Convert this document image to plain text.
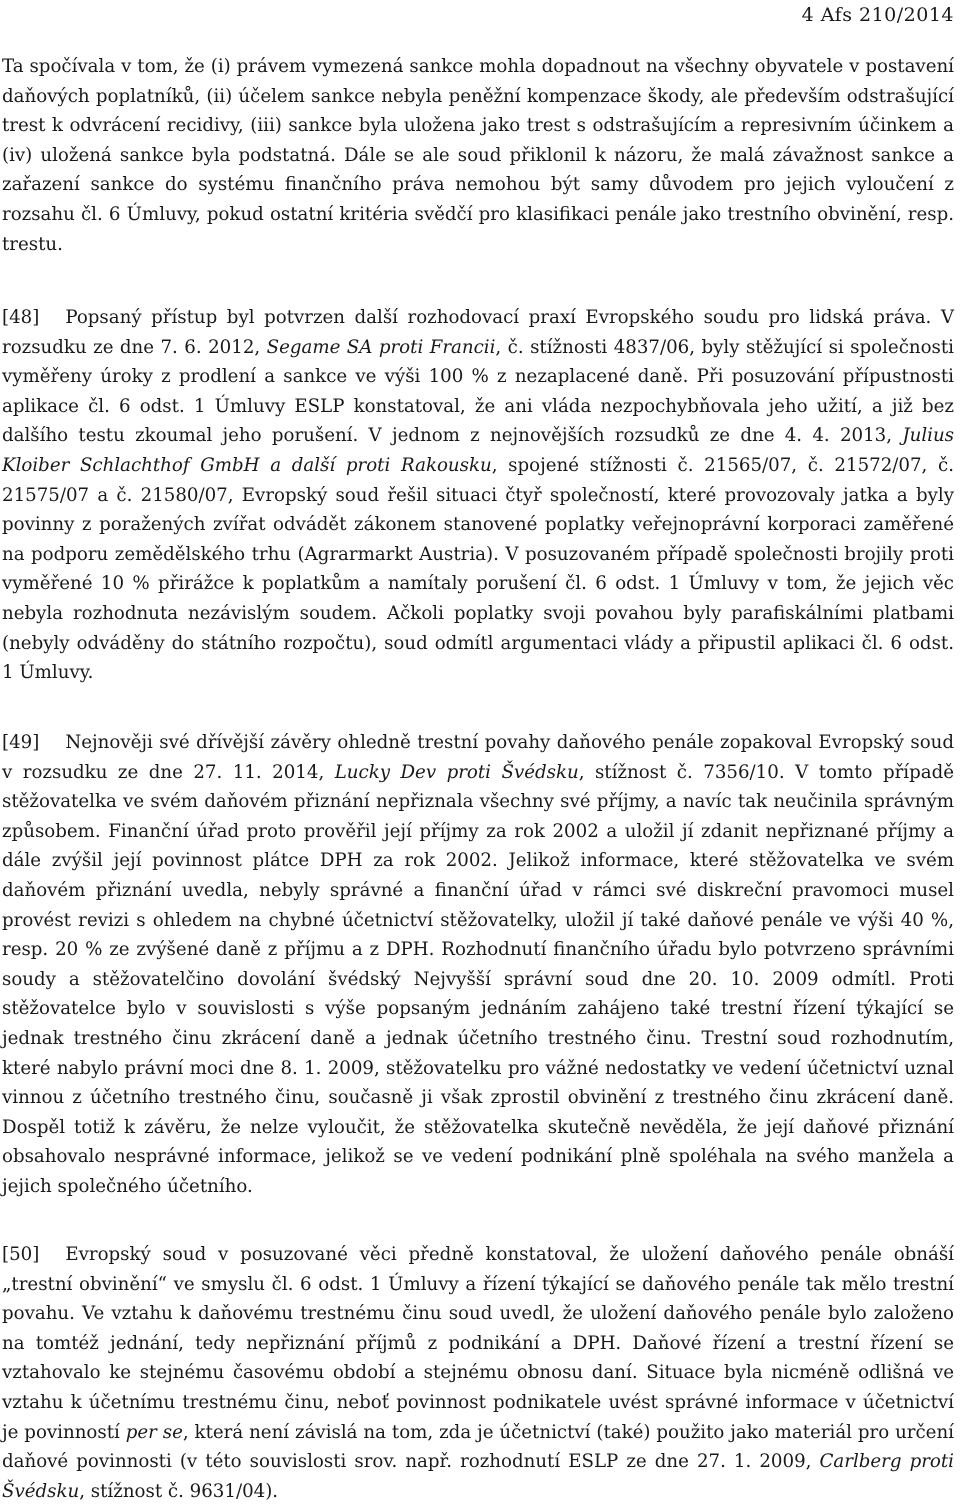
4 Afs 210/2014

Ta spočívala v tom, že (i) právem vymezená sankce mohla dopadnout na všechny obyvatele v postavení daňových poplatníků, (ii) účelem sankce nebyla peněžní kompenzace škody, ale především odstrašující trest k odvrácení recidivy, (iii) sankce byla uložena jako trest s odstrašujícím a represivním účinkem a (iv) uložená sankce byla podstatná. Dále se ale soud přiklonil k názoru, že malá závažnost sankce a zařazení sankce do systému finančního práva nemohou být samy důvodem pro jejich vyloučení z rozsahu čl. 6 Úmluvy, pokud ostatní kritéria svědčí pro klasifikaci penále jako trestního obvinění, resp. trestu.

[48] Popsaný přístup byl potvrzen další rozhodovací praxí Evropského soudu pro lidská práva. V rozsudku ze dne 7. 6. 2012, Segame SA proti Francii, č. stížnosti 4837/06, byly stěžující si společnosti vyměřeny úroky z prodlení a sankce ve výši 100 % z nezaplacené daně. Při posuzování přípustnosti aplikace čl. 6 odst. 1 Úmluvy ESLP konstatoval, že ani vláda nezpochybňovala jeho užití, a již bez dalšího testu zkoumal jeho porušení. V jednom z nejnovějších rozsudků ze dne 4. 4. 2013, Julius Kloiber Schlachthof GmbH a další proti Rakousku, spojené stížnosti č. 21565/07, č. 21572/07, č. 21575/07 a č. 21580/07, Evropský soud řešil situaci čtyř společností, které provozovaly jatka a byly povinny z poražených zvířat odvádět zákonem stanovené poplatky veřejnoprávní korporaci zaměřené na podporu zemědělského trhu (Agrarmarkt Austria). V posuzovaném případě společnosti brojily proti vyměřené 10 % přirážce k poplatkům a namítaly porušení čl. 6 odst. 1 Úmluvy v tom, že jejich věc nebyla rozhodnuta nezávislým soudem. Ačkoli poplatky svoji povahou byly parafiskálními platbami (nebyly odváděny do státního rozpočtu), soud odmítl argumentaci vlády a připustil aplikaci čl. 6 odst. 1 Úmluvy.

[49] Nejnověji své dřívější závěry ohledně trestní povahy daňového penále zopakoval Evropský soud v rozsudku ze dne 27. 11. 2014, Lucky Dev proti Švédsku, stížnost č. 7356/10. V tomto případě stěžovatelka ve svém daňovém přiznání nepřiznala všechny své příjmy, a navíc tak neučinila správným způsobem. Finanční úřad proto prověřil její příjmy za rok 2002 a uložil jí zdanit nepřiznané příjmy a dále zvýšil její povinnost plátce DPH za rok 2002. Jelikož informace, které stěžovatelka ve svém daňovém přiznání uvedla, nebyly správné a finanční úřad v rámci své diskreční pravomoci musel provést revizi s ohledem na chybné účetnictví stěžovatelky, uložil jí také daňové penále ve výši 40 %, resp. 20 % ze zvýšené daně z příjmu a z DPH. Rozhodnutí finančního úřadu bylo potvrzeno správními soudy a stěžovatelčino dovolání švédský Nejvyšší správní soud dne 20. 10. 2009 odmítl. Proti stěžovatelce bylo v souvislosti s výše popsaným jednáním zahájeno také trestní řízení týkající se jednak trestného činu zkrácení daně a jednak účetního trestného činu. Trestní soud rozhodnutím, které nabylo právní moci dne 8. 1. 2009, stěžovatelku pro vážné nedostatky ve vedení účetnictví uznal vinnou z účetního trestného činu, současně ji však zprostil obvinění z trestného činu zkrácení daně. Dospěl totiž k závěru, že nelze vyloučit, že stěžovatelka skutečně nevěděla, že její daňové přiznání obsahovalo nesprávné informace, jelikož se ve vedení podnikání plně spoléhala na svého manžela a jejich společného účetního.

[50] Evropský soud v posuzované věci předně konstatoval, že uložení daňového penále obnáší „trestní obvinění“ ve smyslu čl. 6 odst. 1 Úmluvy a řízení týkající se daňového penále tak mělo trestní povahu. Ve vztahu k daňovému trestnému činu soud uvedl, že uložení daňového penále bylo založeno na tomtéž jednání, tedy nepřiznání příjmů z podnikání a DPH. Daňové řízení a trestní řízení se vztahovalo ke stejnému časovému období a stejnému obnosu daní. Situace byla nicméně odlišná ve vztahu k účetnímu trestnému činu, neboť povinnost podnikatele uvést správné informace v účetnictví je povinností per se, která není závislá na tom, zda je účetnictví (také) použito jako materiál pro určení daňové povinnosti (v této souvislosti srov. např. rozhodnutí ESLP ze dne 27. 1. 2009, Carlberg proti Švédsku, stížnost č. 9631/04).
